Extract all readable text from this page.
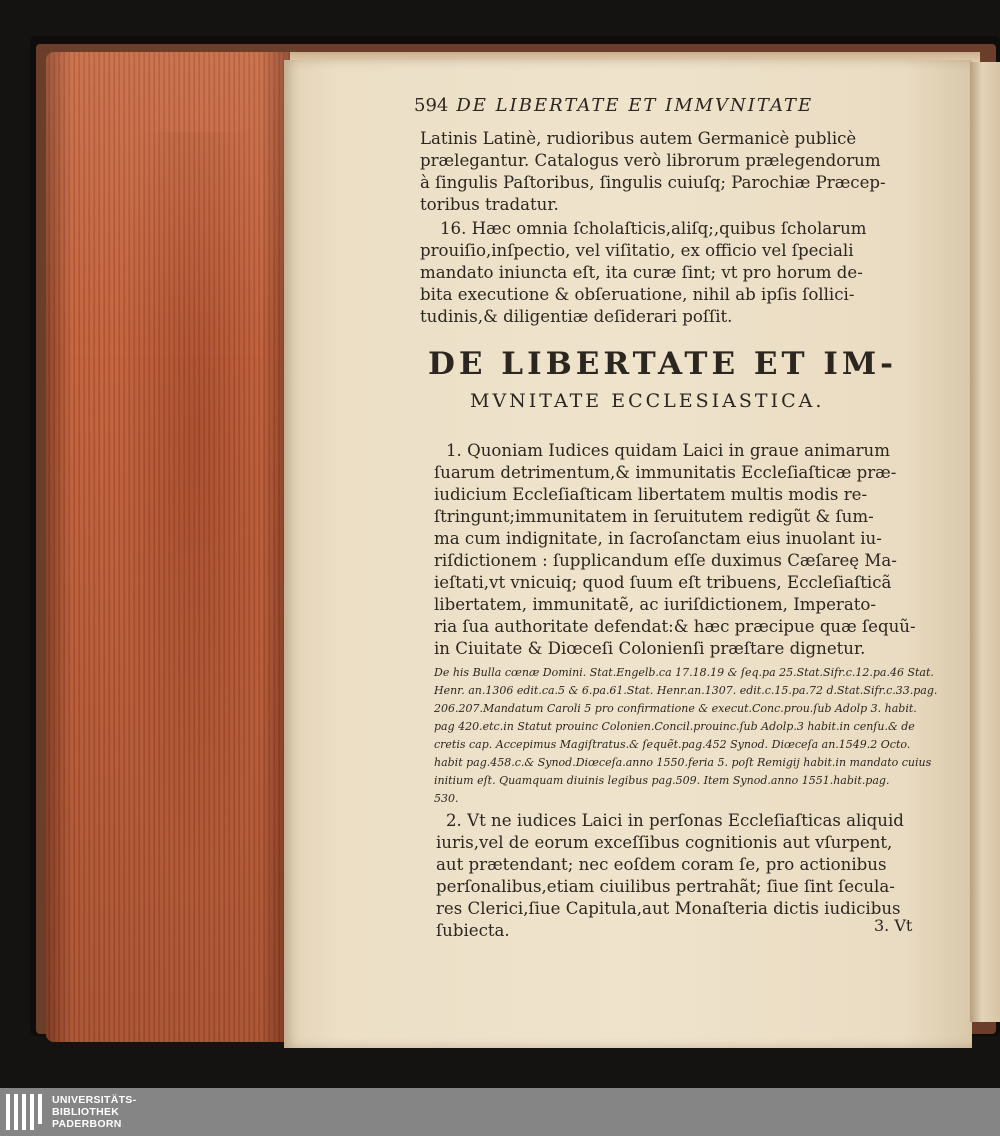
594 DE LIBERTATE ET IMMVNITATE
Latinis Latinè, rudioribus autem Germanicè publicè
prælegantur. Catalogus verò librorum prælegendorum
à ſingulis Paſtoribus, ſingulis cuiuſq; Parochiæ Præcep-
toribus tradatur.
16. Hæc omnia ſcholaſticis,aliſq;,quibus ſcholarum
prouiſio,inſpectio, vel viſitatio, ex officio vel ſpeciali
mandato iniuncta eſt, ita curæ ſint; vt pro horum de-
bita executione & obſeruatione, nihil ab ipſis ſollici-
tudinis,& diligentiæ deſiderari poſſit.
DE LIBERTATE ET IM-
MVNITATE ECCLESIASTICA.
1. Quoniam Iudices quidam Laici in graue animarum
ſuarum detrimentum,& immunitatis Eccleſiaſticæ præ-
iudicium Eccleſiaſticam libertatem multis modis re-
ſtringunt;immunitatem in ſeruitutem redigũt & ſum-
ma cum indignitate, in ſacroſanctam eius inuolant iu-
riſdictionem : ſupplicandum eſſe duximus Cæſareę Ma-
ieſtati,vt vnicuiq; quod ſuum eſt tribuens, Eccleſiaſticã
libertatem, immunitatẽ, ac iuriſdictionem, Imperato-
ria ſua authoritate defendat:& hæc præcipue quæ ſequũ-
in Ciuitate & Diœceſi Colonienſi præſtare dignetur.
De his Bulla cœnæ Domini. Stat.Engelb.ca 17.18.19 & ſeq.pa 25.Stat.Sifr.c.12.pa.46 Stat.
Henr. an.1306 edit.ca.5 & 6.pa.61.Stat. Henr.an.1307. edit.c.15.pa.72 d.Stat.Sifr.c.33.pag.
206.207.Mandatum Caroli 5 pro confirmatione & execut.Conc.prou.ſub Adolp 3. habit.
pag 420.etc.in Statut prouinc Colonien.Concil.prouinc.ſub Adolp.3 habit.in cenſu.& de
cretis cap. Accepimus Magiſtratus.& ſequẽt.pag.452 Synod. Diœceſa an.1549.2 Octo.
habit pag.458.c.& Synod.Diœceſa.anno 1550.feria 5. poſt Remigij habit.in mandato cuius
initium eſt. Quamquam diuinis legibus pag.509. Item Synod.anno 1551.habit.pag.
530.
2. Vt ne iudices Laici in perſonas Eccleſiaſticas aliquid
iuris,vel de eorum exceſſibus cognitionis aut vſurpent,
aut prætendant; nec eoſdem coram ſe, pro actionibus
perſonalibus,etiam ciuilibus pertrahãt; ſiue ſint ſecula-
res Clerici,ſiue Capitula,aut Monaſteria dictis iudicibus
ſubiecta.	3. Vt
UNIVERSITÄTS-
BIBLIOTHEK
PADERBORN
